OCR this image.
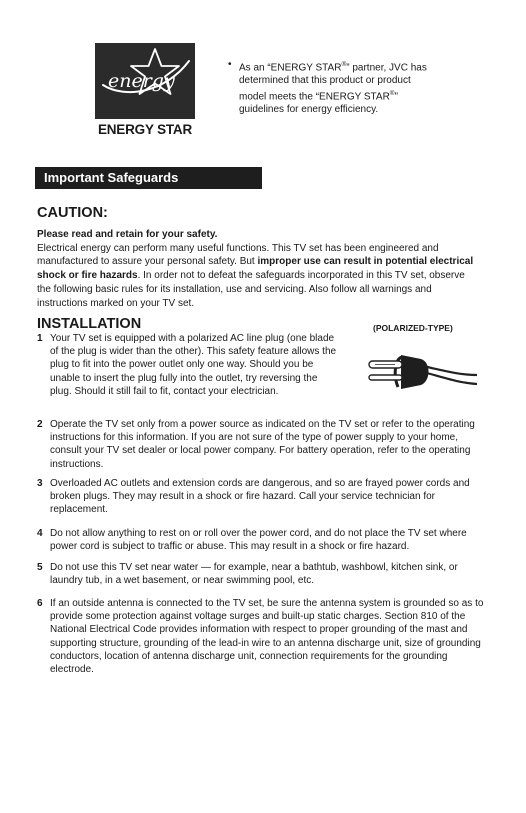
energy
ENERGY STAR
• As an “ENERGY STAR®” partner, JVC has determined that this product or product model meets the “ENERGY STAR®” guidelines for energy efficiency.
Important Safeguards
CAUTION:

Please read and retain for your safety.

Electrical energy can perform many useful functions. This TV set has been engineered and manufactured to assure your personal safety. But improper use can result in potential electrical shock or fire hazards. In order not to defeat the safeguards incorporated in this TV set, observe the following basic rules for its installation, use and servicing. Also follow all warnings and instructions marked on your TV set.

INSTALLATION	(POLARIZED-TYPE)
1 Your TV set is equipped with a polarized AC line plug (one blade of the plug is wider than the other). This safety feature allows the plug to fit into the power outlet only one way. Should you be unable to insert the plug fully into the outlet, try reversing the plug. Should it still fail to fit, contact your electrician.
2 Operate the TV set only from a power source as indicated on the TV set or refer to the operating instructions for this information. If you are not sure of the type of power supply to your home, consult your TV set dealer or local power company. For battery operation, refer to the operating instructions.
3 Overloaded AC outlets and extension cords are dangerous, and so are frayed power cords and broken plugs. They may result in a shock or fire hazard. Call your service technician for replacement.
4 Do not allow anything to rest on or roll over the power cord, and do not place the TV set where power cord is subject to traffic or abuse. This may result in a shock or fire hazard.
5 Do not use this TV set near water — for example, near a bathtub, washbowl, kitchen sink, or laundry tub, in a wet basement, or near swimming pool, etc.
6 If an outside antenna is connected to the TV set, be sure the antenna system is grounded so as to provide some protection against voltage surges and built-up static charges. Section 810 of the National Electrical Code provides information with respect to proper grounding of the mast and supporting structure, grounding of the lead-in wire to an antenna discharge unit, size of grounding conductors, location of antenna discharge unit, connection requirements for the grounding electrode.
